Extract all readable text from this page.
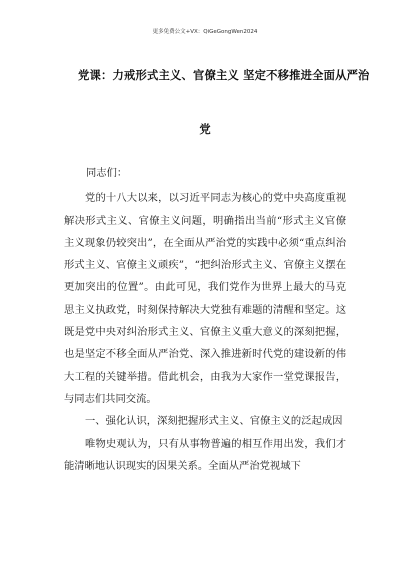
更多免费公文+VX：QiGeGongWen2024
党课：力戒形式主义、官僚主义 坚定不移推进全面从严治
党

同志们：

党的十八大以来，以习近平同志为核心的党中央高度重视解决形式主义、官僚主义问题，明确指出当前“形式主义官僚主义现象仍较突出”，在全面从严治党的实践中必须“重点纠治形式主义、官僚主义顽疾”，“把纠治形式主义、官僚主义摆在更加突出的位置”。由此可见，我们党作为世界上最大的马克思主义执政党，时刻保持解决大党独有难题的清醒和坚定。这既是党中央对纠治形式主义、官僚主义重大意义的深刻把握，也是坚定不移全面从严治党、深入推进新时代党的建设新的伟大工程的关键举措。借此机会，由我为大家作一堂党课报告，与同志们共同交流。

一、强化认识，深刻把握形式主义、官僚主义的泛起成因

唯物史观认为，只有从事物普遍的相互作用出发，我们才能清晰地认识现实的因果关系。全面从严治党视域下
